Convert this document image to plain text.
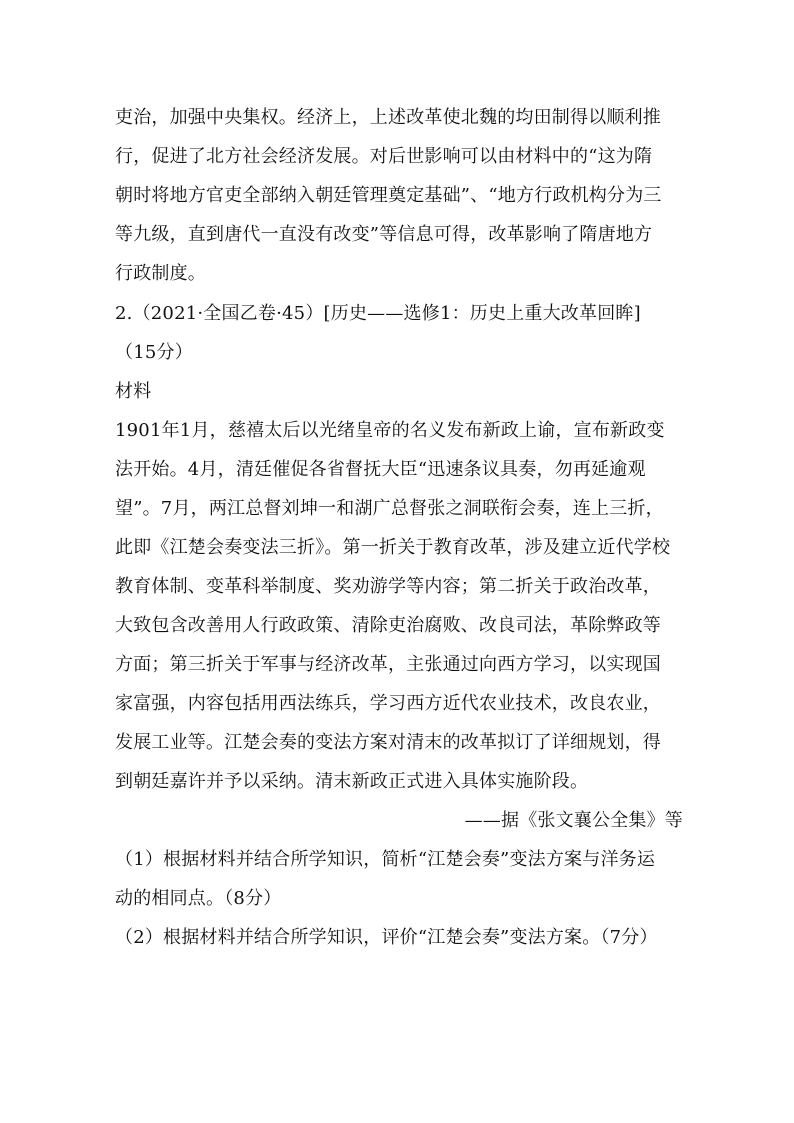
吏治，加强中央集权。经济上，上述改革使北魏的均田制得以顺利推
行，促进了北方社会经济发展。对后世影响可以由材料中的“这为隋
朝时将地方官吏全部纳入朝廷管理奠定基础”、“地方行政机构分为三
等九级，直到唐代一直没有改变”等信息可得，改革影响了隋唐地方
行政制度。
2.（2021·全国乙卷·45）[历史——选修1：历史上重大改革回眸]
（15分）
材料
1901年1月，慈禧太后以光绪皇帝的名义发布新政上谕，宣布新政变
法开始。4月，清廷催促各省督抚大臣“迅速条议具奏，勿再延逾观
望”。7月，两江总督刘坤一和湖广总督张之洞联衔会奏，连上三折，
此即《江楚会奏变法三折》。第一折关于教育改革，涉及建立近代学校
教育体制、变革科举制度、奖劝游学等内容；第二折关于政治改革，
大致包含改善用人行政政策、清除吏治腐败、改良司法，革除弊政等
方面；第三折关于军事与经济改革，主张通过向西方学习，以实现国
家富强，内容包括用西法练兵，学习西方近代农业技术，改良农业，
发展工业等。江楚会奏的变法方案对清末的改革拟订了详细规划，得
到朝廷嘉许并予以采纳。清末新政正式进入具体实施阶段。
——据《张文襄公全集》等
（1）根据材料并结合所学知识，简析“江楚会奏”变法方案与洋务运
动的相同点。（8分）
（2）根据材料并结合所学知识，评价“江楚会奏”变法方案。（7分）
